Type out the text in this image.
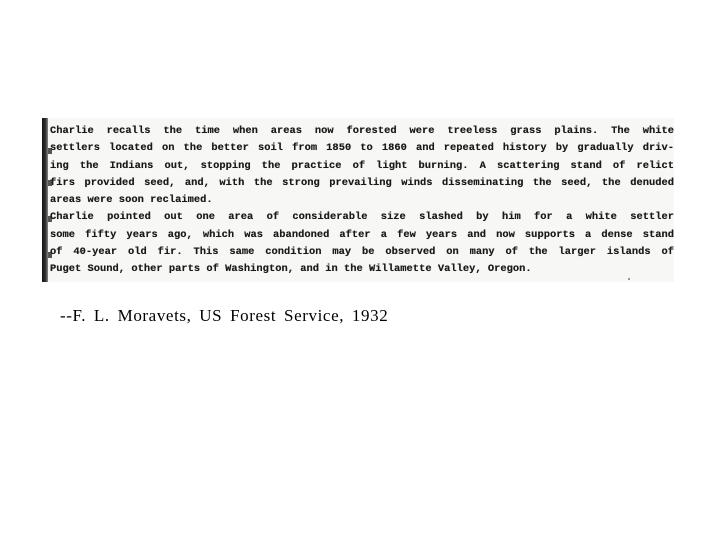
Charlie recalls the time when areas now forested were treeless grass plains. The white
settlers located on the better soil from 1850 to 1860 and repeated history by gradually driv-
ing the Indians out, stopping the practice of light burning. A scattering stand of relict
firs provided seed, and, with the strong prevailing winds disseminating the seed, the denuded
areas were soon reclaimed.
Charlie pointed out one area of considerable size slashed by him for a white settler
some fifty years ago, which was abandoned after a few years and now supports a dense stand
of 40-year old fir. This same condition may be observed on many of the larger islands of
Puget Sound, other parts of Washington, and in the Willamette Valley, Oregon.
--F. L. Moravets, US Forest Service, 1932
